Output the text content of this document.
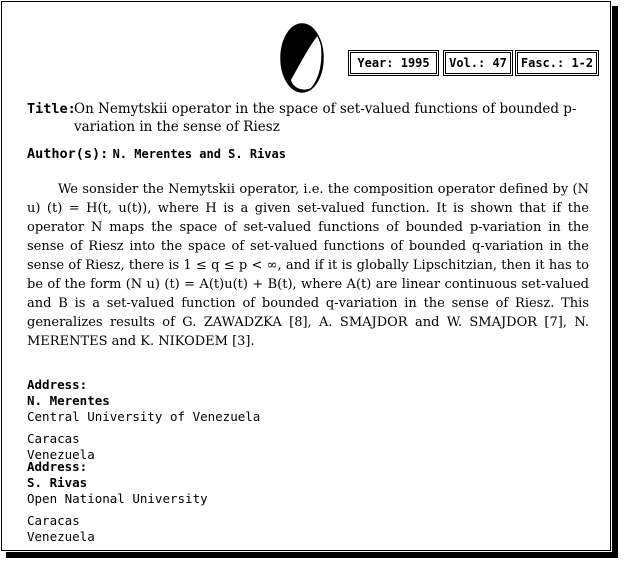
Year: 1995	Vol.: 47	Fasc.: 1-2
Title:
On Nemytskii operator in the space of set-valued functions of bounded p-variation in the sense of Riesz
Author(s): N. Merentes and S. Rivas

We sonsider the Nemytskii operator, i.e. the composition operator defined by (N u) (t) = H(t, u(t)), where H is a given set-valued function. It is shown that if the operator N maps the space of set-valued functions of bounded p-variation in the sense of Riesz into the space of set-valued functions of bounded q-variation in the sense of Riesz, there is 1 ≤ q ≤ p < ∞, and if it is globally Lipschitzian, then it has to be of the form (N u) (t) = A(t)u(t) + B(t), where A(t) are linear continuous set-valued and B is a set-valued function of bounded q-variation in the sense of Riesz. This generalizes results of G. ZAWADZKA [8], A. SMAJDOR and W. SMAJDOR [7], N. MERENTES and K. NIKODEM [3].

Address:
N. Merentes
Central University of Venezuela
Caracas
Venezuela
Address:
S. Rivas
Open National University
Caracas
Venezuela
